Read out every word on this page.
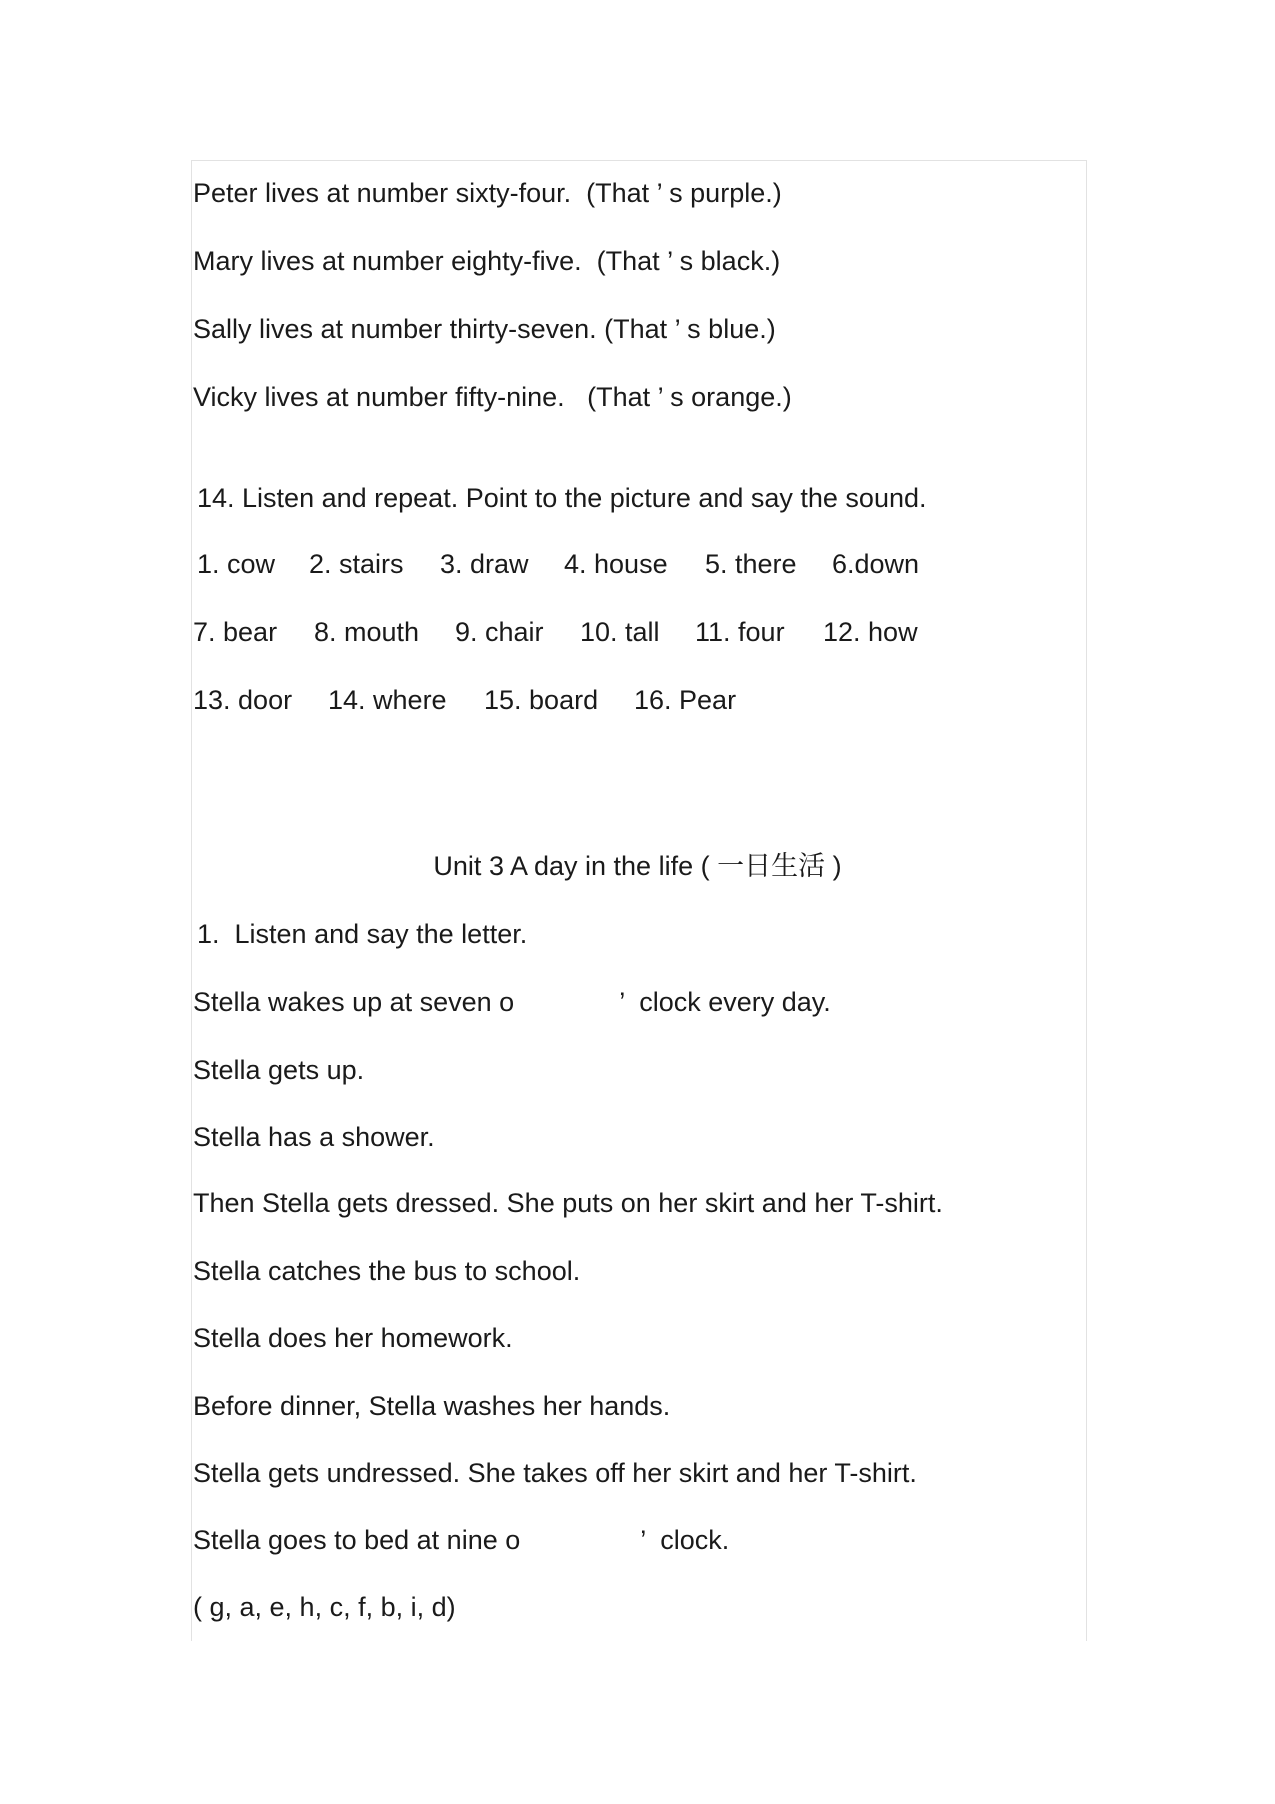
Peter lives at number sixty-four.  (That ’ s purple.)
Mary lives at number eighty-five.  (That ’ s black.)
Sally lives at number thirty-seven. (That ’ s blue.)
Vicky lives at number fifty-nine.   (That ’ s orange.)
14. Listen and repeat. Point to the picture and say the sound.
1. cow	2. stairs	3. draw	4. house	5. there	6.down
7. bear	8. mouth	9. chair	10. tall	11. four	12. how
13. door	14. where	15. board	16. Pear
Unit 3 A day in the life ( 一日生活 )
1.  Listen and say the letter.
Stella wakes up at seven o              ’  clock every day.
Stella gets up.
Stella has a shower.
Then Stella gets dressed. She puts on her skirt and her T-shirt.
Stella catches the bus to school.
Stella does her homework.
Before dinner, Stella washes her hands.
Stella gets undressed. She takes off her skirt and her T-shirt.
Stella goes to bed at nine o                ’  clock.
( g, a, e, h, c, f, b, i, d)
